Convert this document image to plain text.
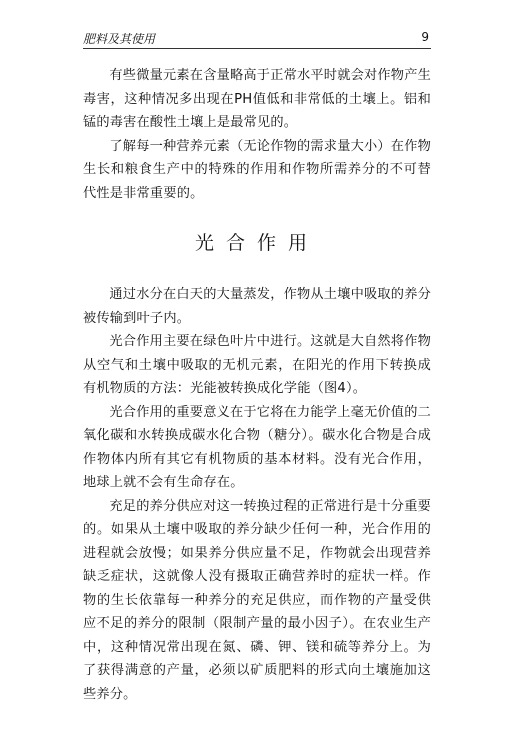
肥料及其使用	9

有些微量元素在含量略高于正常水平时就会对作物产生毒害，这种情况多出现在PH值低和非常低的土壤上。铝和锰的毒害在酸性土壤上是最常见的。

了解每一种营养元素（无论作物的需求量大小）在作物生长和粮食生产中的特殊的作用和作物所需养分的不可替代性是非常重要的。

光合作用

通过水分在白天的大量蒸发，作物从土壤中吸取的养分被传输到叶子内。

光合作用主要在绿色叶片中进行。这就是大自然将作物从空气和土壤中吸取的无机元素，在阳光的作用下转换成有机物质的方法：光能被转换成化学能（图4）。

光合作用的重要意义在于它将在力能学上毫无价值的二氧化碳和水转换成碳水化合物（糖分）。碳水化合物是合成作物体内所有其它有机物质的基本材料。没有光合作用，地球上就不会有生命存在。

充足的养分供应对这一转换过程的正常进行是十分重要的。如果从土壤中吸取的养分缺少任何一种，光合作用的进程就会放慢；如果养分供应量不足，作物就会出现营养缺乏症状，这就像人没有摄取正确营养时的症状一样。作物的生长依靠每一种养分的充足供应，而作物的产量受供应不足的养分的限制（限制产量的最小因子）。在农业生产中，这种情况常出现在氮、磷、钾、镁和硫等养分上。为了获得满意的产量，必须以矿质肥料的形式向土壤施加这些养分。
